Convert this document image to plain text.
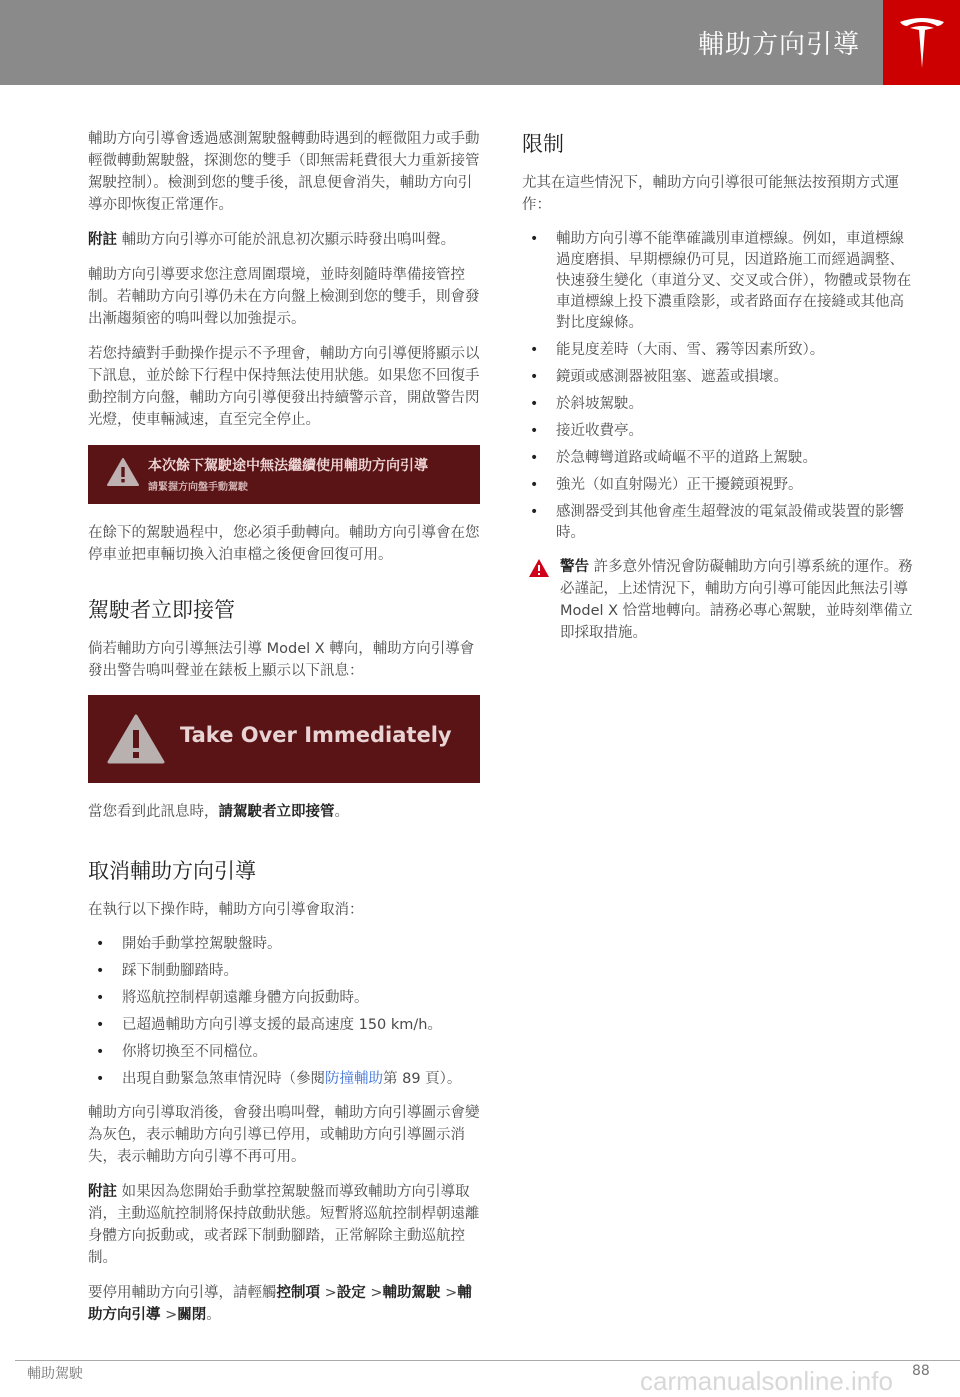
輔助方向引導

輔助方向引導會透過感測駕駛盤轉動時遇到的輕微阻力或手動輕微轉動駕駛盤，探測您的雙手（即無需耗費很大力重新接管駕駛控制）。檢測到您的雙手後，訊息便會消失，輔助方向引導亦即恢復正常運作。

附註 輔助方向引導亦可能於訊息初次顯示時發出鳴叫聲。

輔助方向引導要求您注意周圍環境，並時刻隨時準備接管控制。若輔助方向引導仍未在方向盤上檢測到您的雙手，則會發出漸趨頻密的鳴叫聲以加強提示。

若您持續對手動操作提示不予理會，輔助方向引導便將顯示以下訊息，並於餘下行程中保持無法使用狀態。如果您不回復手動控制方向盤，輔助方向引導便發出持續警示音，開啟警告閃光燈，使車輛減速，直至完全停止。

本次餘下駕駛途中無法繼續使用輔助方向引導
請緊握方向盤手動駕駛

在餘下的駕駛過程中，您必須手動轉向。輔助方向引導會在您停車並把車輛切換入泊車檔之後便會回復可用。

駕駛者立即接管

倘若輔助方向引導無法引導 Model X 轉向，輔助方向引導會發出警告鳴叫聲並在錶板上顯示以下訊息：

Take Over Immediately

當您看到此訊息時，請駕駛者立即接管。

取消輔助方向引導

在執行以下操作時，輔助方向引導會取消：

• 開始手動掌控駕駛盤時。
• 踩下制動腳踏時。
• 將巡航控制桿朝遠離身體方向扳動時。
• 已超過輔助方向引導支援的最高速度 150 km/h。
• 你將切換至不同檔位。
• 出現自動緊急煞車情況時（參閱防撞輔助第 89 頁）。

輔助方向引導取消後，會發出鳴叫聲，輔助方向引導圖示會變為灰色，表示輔助方向引導已停用，或輔助方向引導圖示消失，表示輔助方向引導不再可用。

附註 如果因為您開始手動掌控駕駛盤而導致輔助方向引導取消，主動巡航控制將保持啟動狀態。短暫將巡航控制桿朝遠離身體方向扳動或，或者踩下制動腳踏，正常解除主動巡航控制。

要停用輔助方向引導，請輕觸控制項 >設定 >輔助駕駛 >輔助方向引導 >關閉。

限制

尤其在這些情況下，輔助方向引導很可能無法按預期方式運作：

• 輔助方向引導不能準確識別車道標線。例如，車道標線過度磨損、早期標線仍可見，因道路施工而經過調整、快速發生變化（車道分叉、交叉或合併），物體或景物在車道標線上投下濃重陰影，或者路面存在接縫或其他高對比度線條。
• 能見度差時（大雨、雪、霧等因素所致）。
• 鏡頭或感測器被阻塞、遮蓋或損壞。
• 於斜坡駕駛。
• 接近收費亭。
• 於急轉彎道路或崎嶇不平的道路上駕駛。
• 強光（如直射陽光）正干擾鏡頭視野。
• 感測器受到其他會產生超聲波的電氣設備或裝置的影響時。

警告 許多意外情況會防礙輔助方向引導系統的運作。務必謹記，上述情況下，輔助方向引導可能因此無法引導 Model X 恰當地轉向。請務必專心駕駛，並時刻準備立即採取措施。

輔助駕駛	carmanualsonline.info 88
